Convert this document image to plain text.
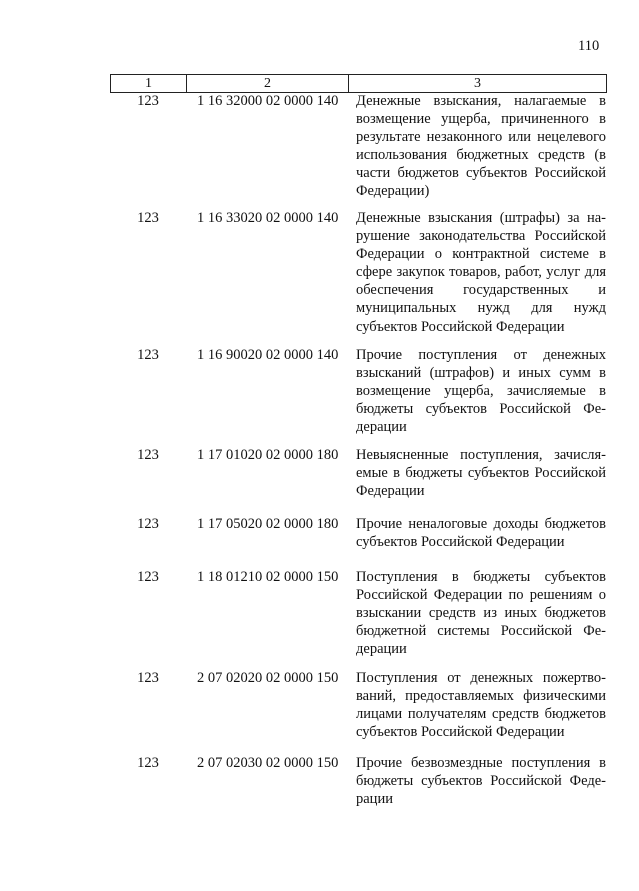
110
1	2	3
123	1 16 32000 02 0000 140	Денежные взыскания, налагаемые в возмещение ущерба, причиненного в результате незаконного или нецелевого использования бюджетных средств (в части бюджетов субъектов Российской Федерации)
123	1 16 33020 02 0000 140	Денежные взыскания (штрафы) за нарушение законодательства Российской Федерации о контрактной системе в сфере закупок товаров, работ, услуг для обеспечения государственных и муниципальных нужд для нужд субъектов Российской Федерации
123	1 16 90020 02 0000 140	Прочие поступления от денежных взысканий (штрафов) и иных сумм в возмещение ущерба, зачисляемые в бюджеты субъектов Российской Федерации
123	1 17 01020 02 0000 180	Невыясненные поступления, зачисляемые в бюджеты субъектов Российской Федерации
123	1 17 05020 02 0000 180	Прочие неналоговые доходы бюджетов субъектов Российской Федерации
123	1 18 01210 02 0000 150	Поступления в бюджеты субъектов Российской Федерации по решениям о взыскании средств из иных бюджетов бюджетной системы Российской Федерации
123	2 07 02020 02 0000 150	Поступления от денежных пожертвований, предоставляемых физическими лицами получателям средств бюджетов субъектов Российской Федерации
123	2 07 02030 02 0000 150	Прочие безвозмездные поступления в бюджеты субъектов Российской Федерации
